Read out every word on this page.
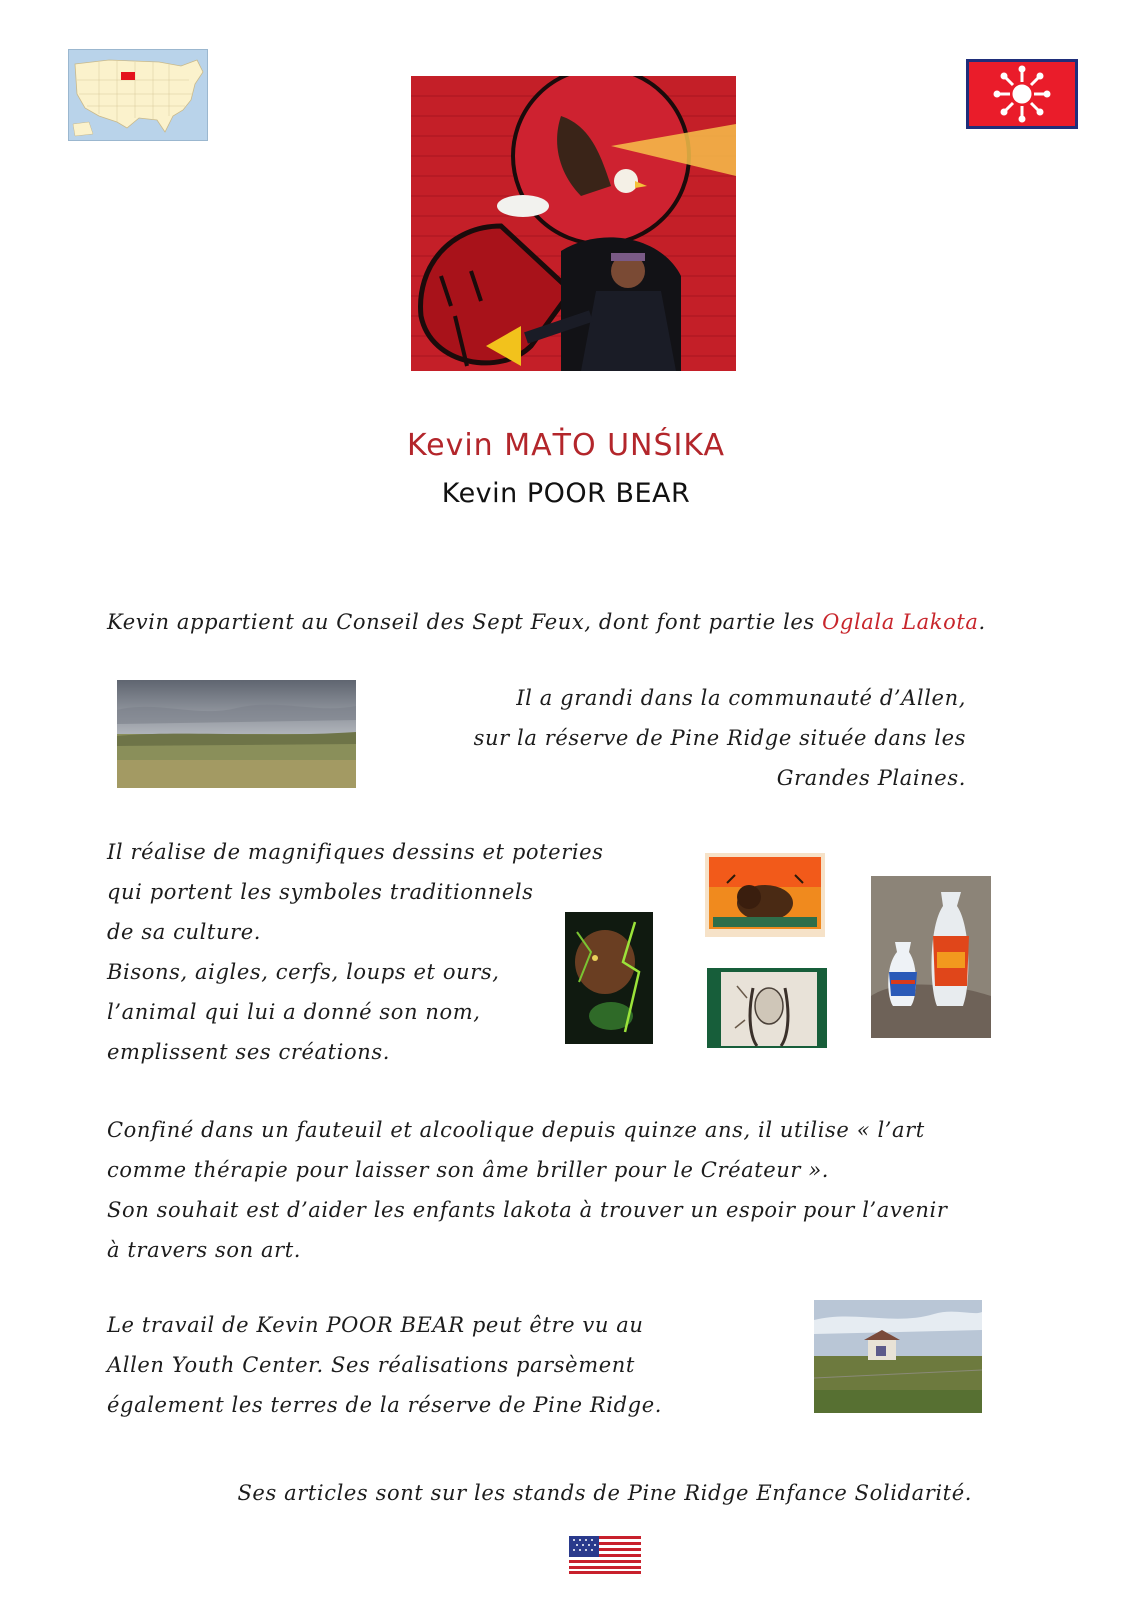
Kevin MAṪO UNŚIKA
Kevin POOR BEAR
Kevin appartient au Conseil des Sept Feux, dont font partie les Oglala Lakota.
Il a grandi dans la communauté d’Allen,
sur la réserve de Pine Ridge située dans les
Grandes Plaines.
Il réalise de magnifiques dessins et poteries
qui portent les symboles traditionnels
de sa culture.
Bisons, aigles, cerfs, loups et ours,
l’animal qui lui a donné son nom,
emplissent ses créations.
Confiné dans un fauteuil et alcoolique depuis quinze ans, il utilise « l’art
comme thérapie pour laisser son âme briller pour le Créateur ».
Son souhait est d’aider les enfants lakota à trouver un espoir pour l’avenir
à travers son art.
Le travail de Kevin POOR BEAR peut être vu au
Allen Youth Center. Ses réalisations parsèment
également les terres de la réserve de Pine Ridge.
Ses articles sont sur les stands de Pine Ridge Enfance Solidarité.
